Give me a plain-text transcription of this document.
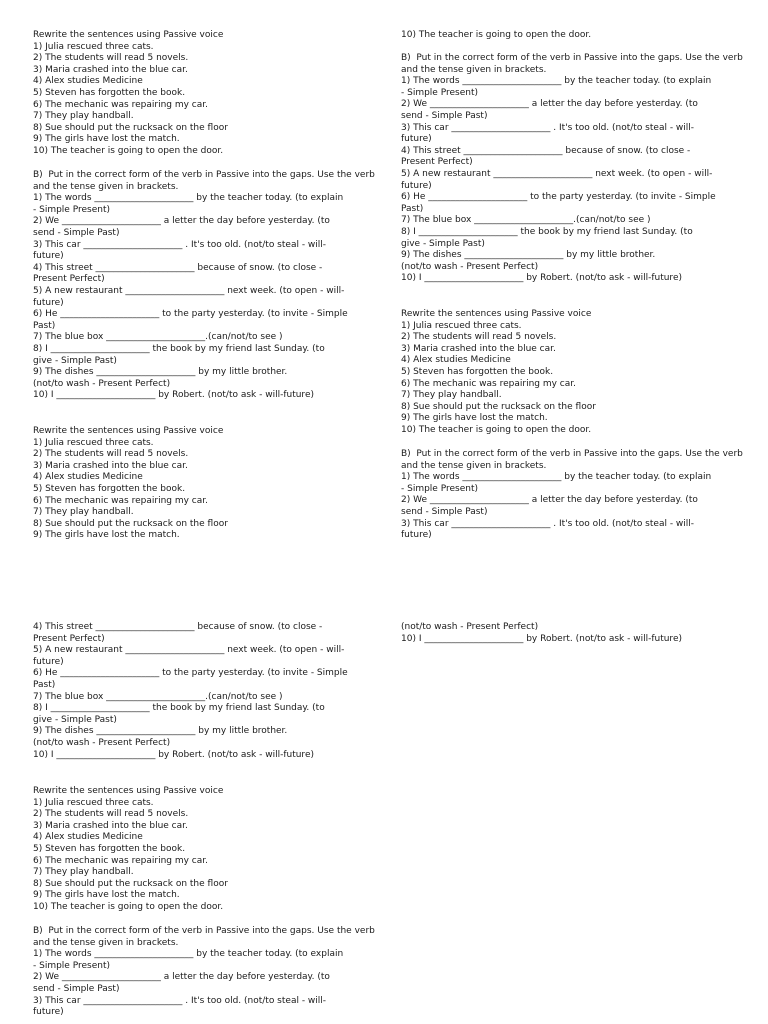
Rewrite the sentences using Passive voice
1) Julia rescued three cats.
2) The students will read 5 novels.
3) Maria crashed into the blue car.
4) Alex studies Medicine
5) Steven has forgotten the book.
6) The mechanic was repairing my car.
7) They play handball.
8) Sue should put the rucksack on the floor
9) The girls have lost the match.
10) The teacher is going to open the door.
B)  Put in the correct form of the verb in Passive into the gaps. Use the verb
and the tense given in brackets.
1) The words ______________________ by the teacher today. (to explain
- Simple Present)
2) We ______________________ a letter the day before yesterday. (to
send - Simple Past)
3) This car ______________________ . It's too old. (not/to steal - will-
future)
4) This street ______________________ because of snow. (to close -
Present Perfect)
5) A new restaurant ______________________ next week. (to open - will-
future)
6) He ______________________ to the party yesterday. (to invite - Simple
Past)
7) The blue box ______________________.(can/not/to see )
8) I ______________________ the book by my friend last Sunday. (to
give - Simple Past)
9) The dishes ______________________ by my little brother.
(not/to wash - Present Perfect)
10) I ______________________ by Robert. (not/to ask - will-future)
Rewrite the sentences using Passive voice
1) Julia rescued three cats.
2) The students will read 5 novels.
3) Maria crashed into the blue car.
4) Alex studies Medicine
5) Steven has forgotten the book.
6) The mechanic was repairing my car.
7) They play handball.
8) Sue should put the rucksack on the floor
9) The girls have lost the match.
4) This street ______________________ because of snow. (to close -
Present Perfect)
5) A new restaurant ______________________ next week. (to open - will-
future)
6) He ______________________ to the party yesterday. (to invite - Simple
Past)
7) The blue box ______________________.(can/not/to see )
8) I ______________________ the book by my friend last Sunday. (to
give - Simple Past)
9) The dishes ______________________ by my little brother.
(not/to wash - Present Perfect)
10) I ______________________ by Robert. (not/to ask - will-future)
Rewrite the sentences using Passive voice
1) Julia rescued three cats.
2) The students will read 5 novels.
3) Maria crashed into the blue car.
4) Alex studies Medicine
5) Steven has forgotten the book.
6) The mechanic was repairing my car.
7) They play handball.
8) Sue should put the rucksack on the floor
9) The girls have lost the match.
10) The teacher is going to open the door.
B)  Put in the correct form of the verb in Passive into the gaps. Use the verb
and the tense given in brackets.
1) The words ______________________ by the teacher today. (to explain
- Simple Present)
2) We ______________________ a letter the day before yesterday. (to
send - Simple Past)
3) This car ______________________ . It's too old. (not/to steal - will-
future)
10) The teacher is going to open the door.
B)  Put in the correct form of the verb in Passive into the gaps. Use the verb
and the tense given in brackets.
1) The words ______________________ by the teacher today. (to explain
- Simple Present)
2) We ______________________ a letter the day before yesterday. (to
send - Simple Past)
3) This car ______________________ . It's too old. (not/to steal - will-
future)
4) This street ______________________ because of snow. (to close -
Present Perfect)
5) A new restaurant ______________________ next week. (to open - will-
future)
6) He ______________________ to the party yesterday. (to invite - Simple
Past)
7) The blue box ______________________.(can/not/to see )
8) I ______________________ the book by my friend last Sunday. (to
give - Simple Past)
9) The dishes ______________________ by my little brother.
(not/to wash - Present Perfect)
10) I ______________________ by Robert. (not/to ask - will-future)
Rewrite the sentences using Passive voice
1) Julia rescued three cats.
2) The students will read 5 novels.
3) Maria crashed into the blue car.
4) Alex studies Medicine
5) Steven has forgotten the book.
6) The mechanic was repairing my car.
7) They play handball.
8) Sue should put the rucksack on the floor
9) The girls have lost the match.
10) The teacher is going to open the door.
B)  Put in the correct form of the verb in Passive into the gaps. Use the verb
and the tense given in brackets.
1) The words ______________________ by the teacher today. (to explain
- Simple Present)
2) We ______________________ a letter the day before yesterday. (to
send - Simple Past)
3) This car ______________________ . It's too old. (not/to steal - will-
future)
(not/to wash - Present Perfect)
10) I ______________________ by Robert. (not/to ask - will-future)
